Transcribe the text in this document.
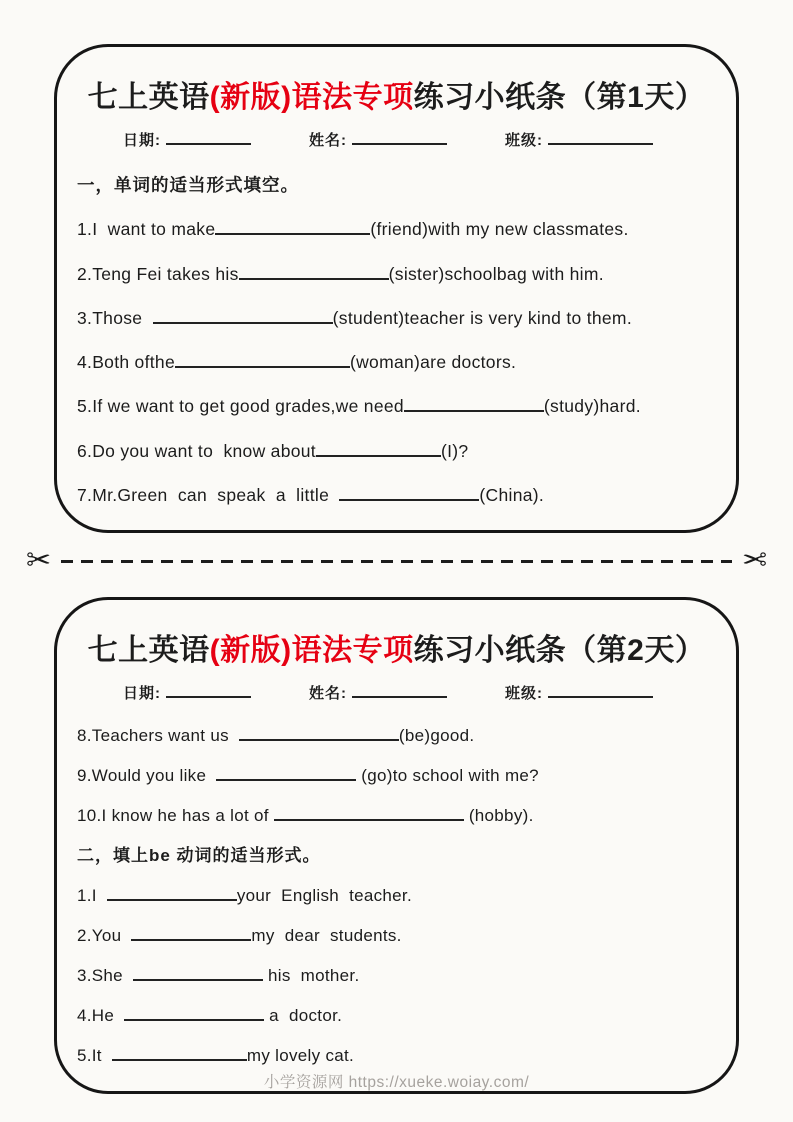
七上英语(新版)语法专项练习小纸条（第1天）
日期:	姓名:	班级:
一，单词的适当形式填空。
1.I  want to make	(friend)with my new classmates.
2.Teng Fei takes his	(sister)schoolbag with him.
3.Those	(student)teacher is very kind to them.
4.Both ofthe	(woman)are doctors.
5.If we want to get good grades,we need	(study)hard.
6.Do you want to  know about	(I)?
7.Mr.Green  can  speak  a  little	(China).
✂	✂
七上英语(新版)语法专项练习小纸条（第2天）
日期:	姓名:	班级:
8.Teachers want us	(be)good.
9.Would you like	(go)to school with me?
10.I know he has a lot of	(hobby).
二，填上be 动词的适当形式。
1.I	your  English  teacher.
2.You	my  dear  students.
3.She	his  mother.
4.He	a  doctor.
5.It	my lovely cat.
小学资源网 https://xueke.woiay.com/
